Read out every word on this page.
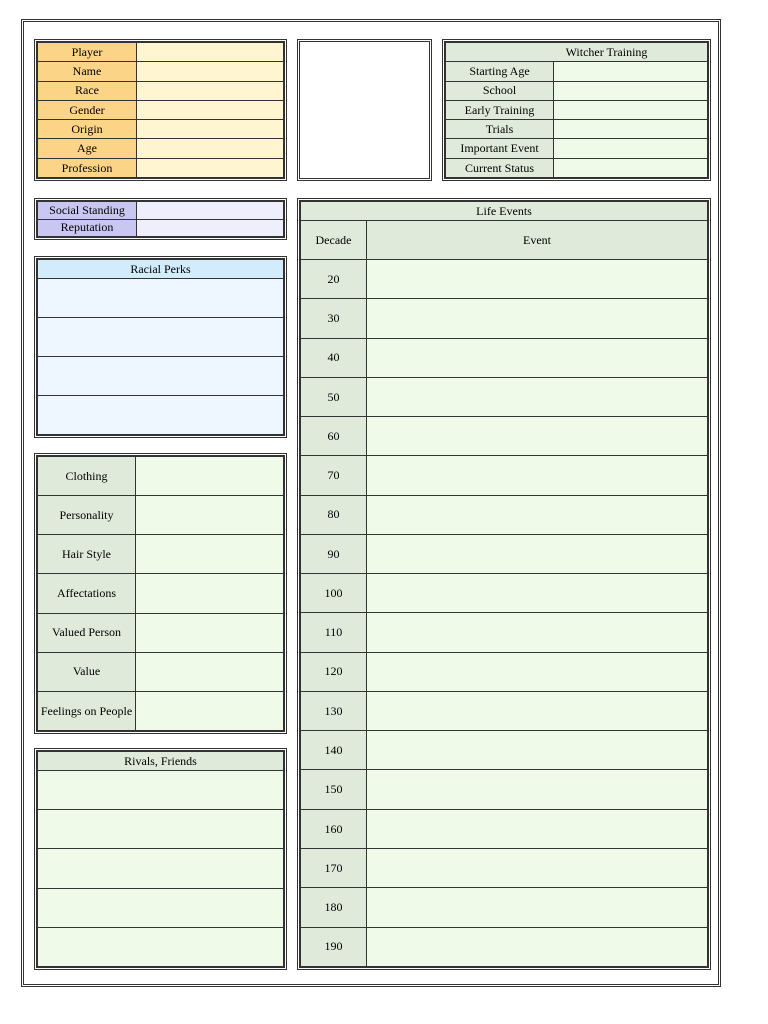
Player	
Name	
Race	
Gender	
Origin	
Age	
Profession	
Witcher Training	
Starting Age	
School	
Early Training	
Trials	
Important Event	
Current Status	
Social Standing	
Reputation	
Racial Perks

Clothing	
Personality	
Hair Style	
Affectations	
Valued Person	
Value	
Feelings on People	
Rivals, Friends

Life Events	
Decade	Event
20	
30	
40	
50	
60	
70	
80	
90	
100	
110	
120	
130	
140	
150	
160	
170	
180	
190	
